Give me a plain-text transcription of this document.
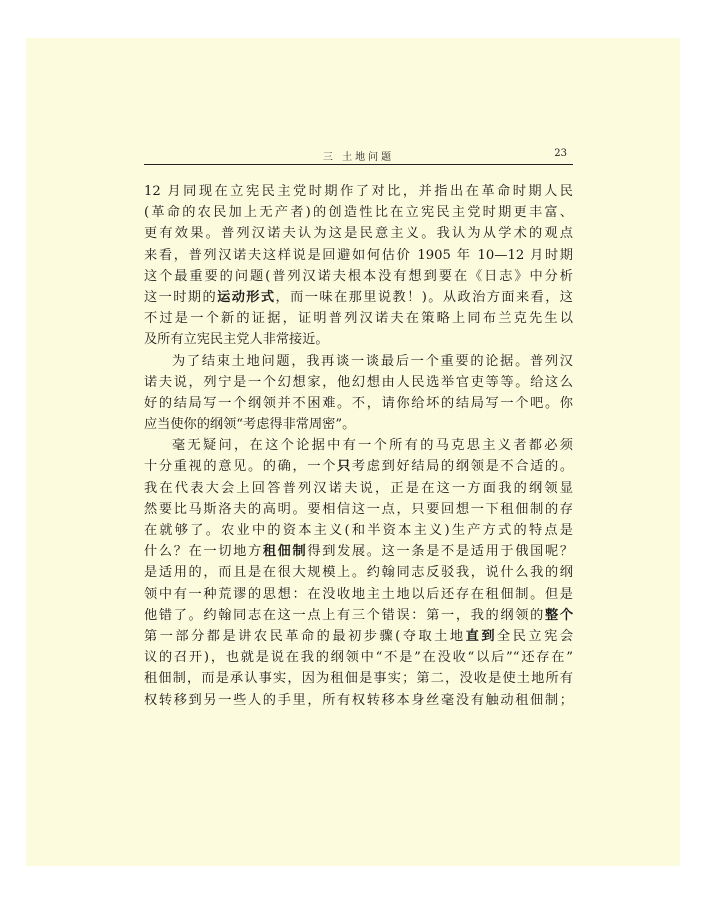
三 土地问题	23
12 月同现在立宪民主党时期作了对比，并指出在革命时期人民
(革命的农民加上无产者)的创造性比在立宪民主党时期更丰富、
更有效果。普列汉诺夫认为这是民意主义。我认为从学术的观点
来看，普列汉诺夫这样说是回避如何估价 1905 年 10—12 月时期
这个最重要的问题(普列汉诺夫根本没有想到要在《日志》中分析
这一时期的运动形式，而一味在那里说教！)。从政治方面来看，这
不过是一个新的证据，证明普列汉诺夫在策略上同布兰克先生以
及所有立宪民主党人非常接近。
为了结束土地问题，我再谈一谈最后一个重要的论据。普列汉
诺夫说，列宁是一个幻想家，他幻想由人民选举官吏等等。给这么
好的结局写一个纲领并不困难。不，请你给坏的结局写一个吧。你
应当使你的纲领“考虑得非常周密”。
毫无疑问，在这个论据中有一个所有的马克思主义者都必须
十分重视的意见。的确，一个只考虑到好结局的纲领是不合适的。
我在代表大会上回答普列汉诺夫说，正是在这一方面我的纲领显
然要比马斯洛夫的高明。要相信这一点，只要回想一下租佃制的存
在就够了。农业中的资本主义(和半资本主义)生产方式的特点是
什么？在一切地方租佃制得到发展。这一条是不是适用于俄国呢？
是适用的，而且是在很大规模上。约翰同志反驳我，说什么我的纲
领中有一种荒谬的思想：在没收地主土地以后还存在租佃制。但是
他错了。约翰同志在这一点上有三个错误：第一，我的纲领的整个
第一部分都是讲农民革命的最初步骤(夺取土地直到全民立宪会
议的召开)，也就是说在我的纲领中“不是”在没收“以后”“还存在”
租佃制，而是承认事实，因为租佃是事实；第二，没收是使土地所有
权转移到另一些人的手里，所有权转移本身丝毫没有触动租佃制；
